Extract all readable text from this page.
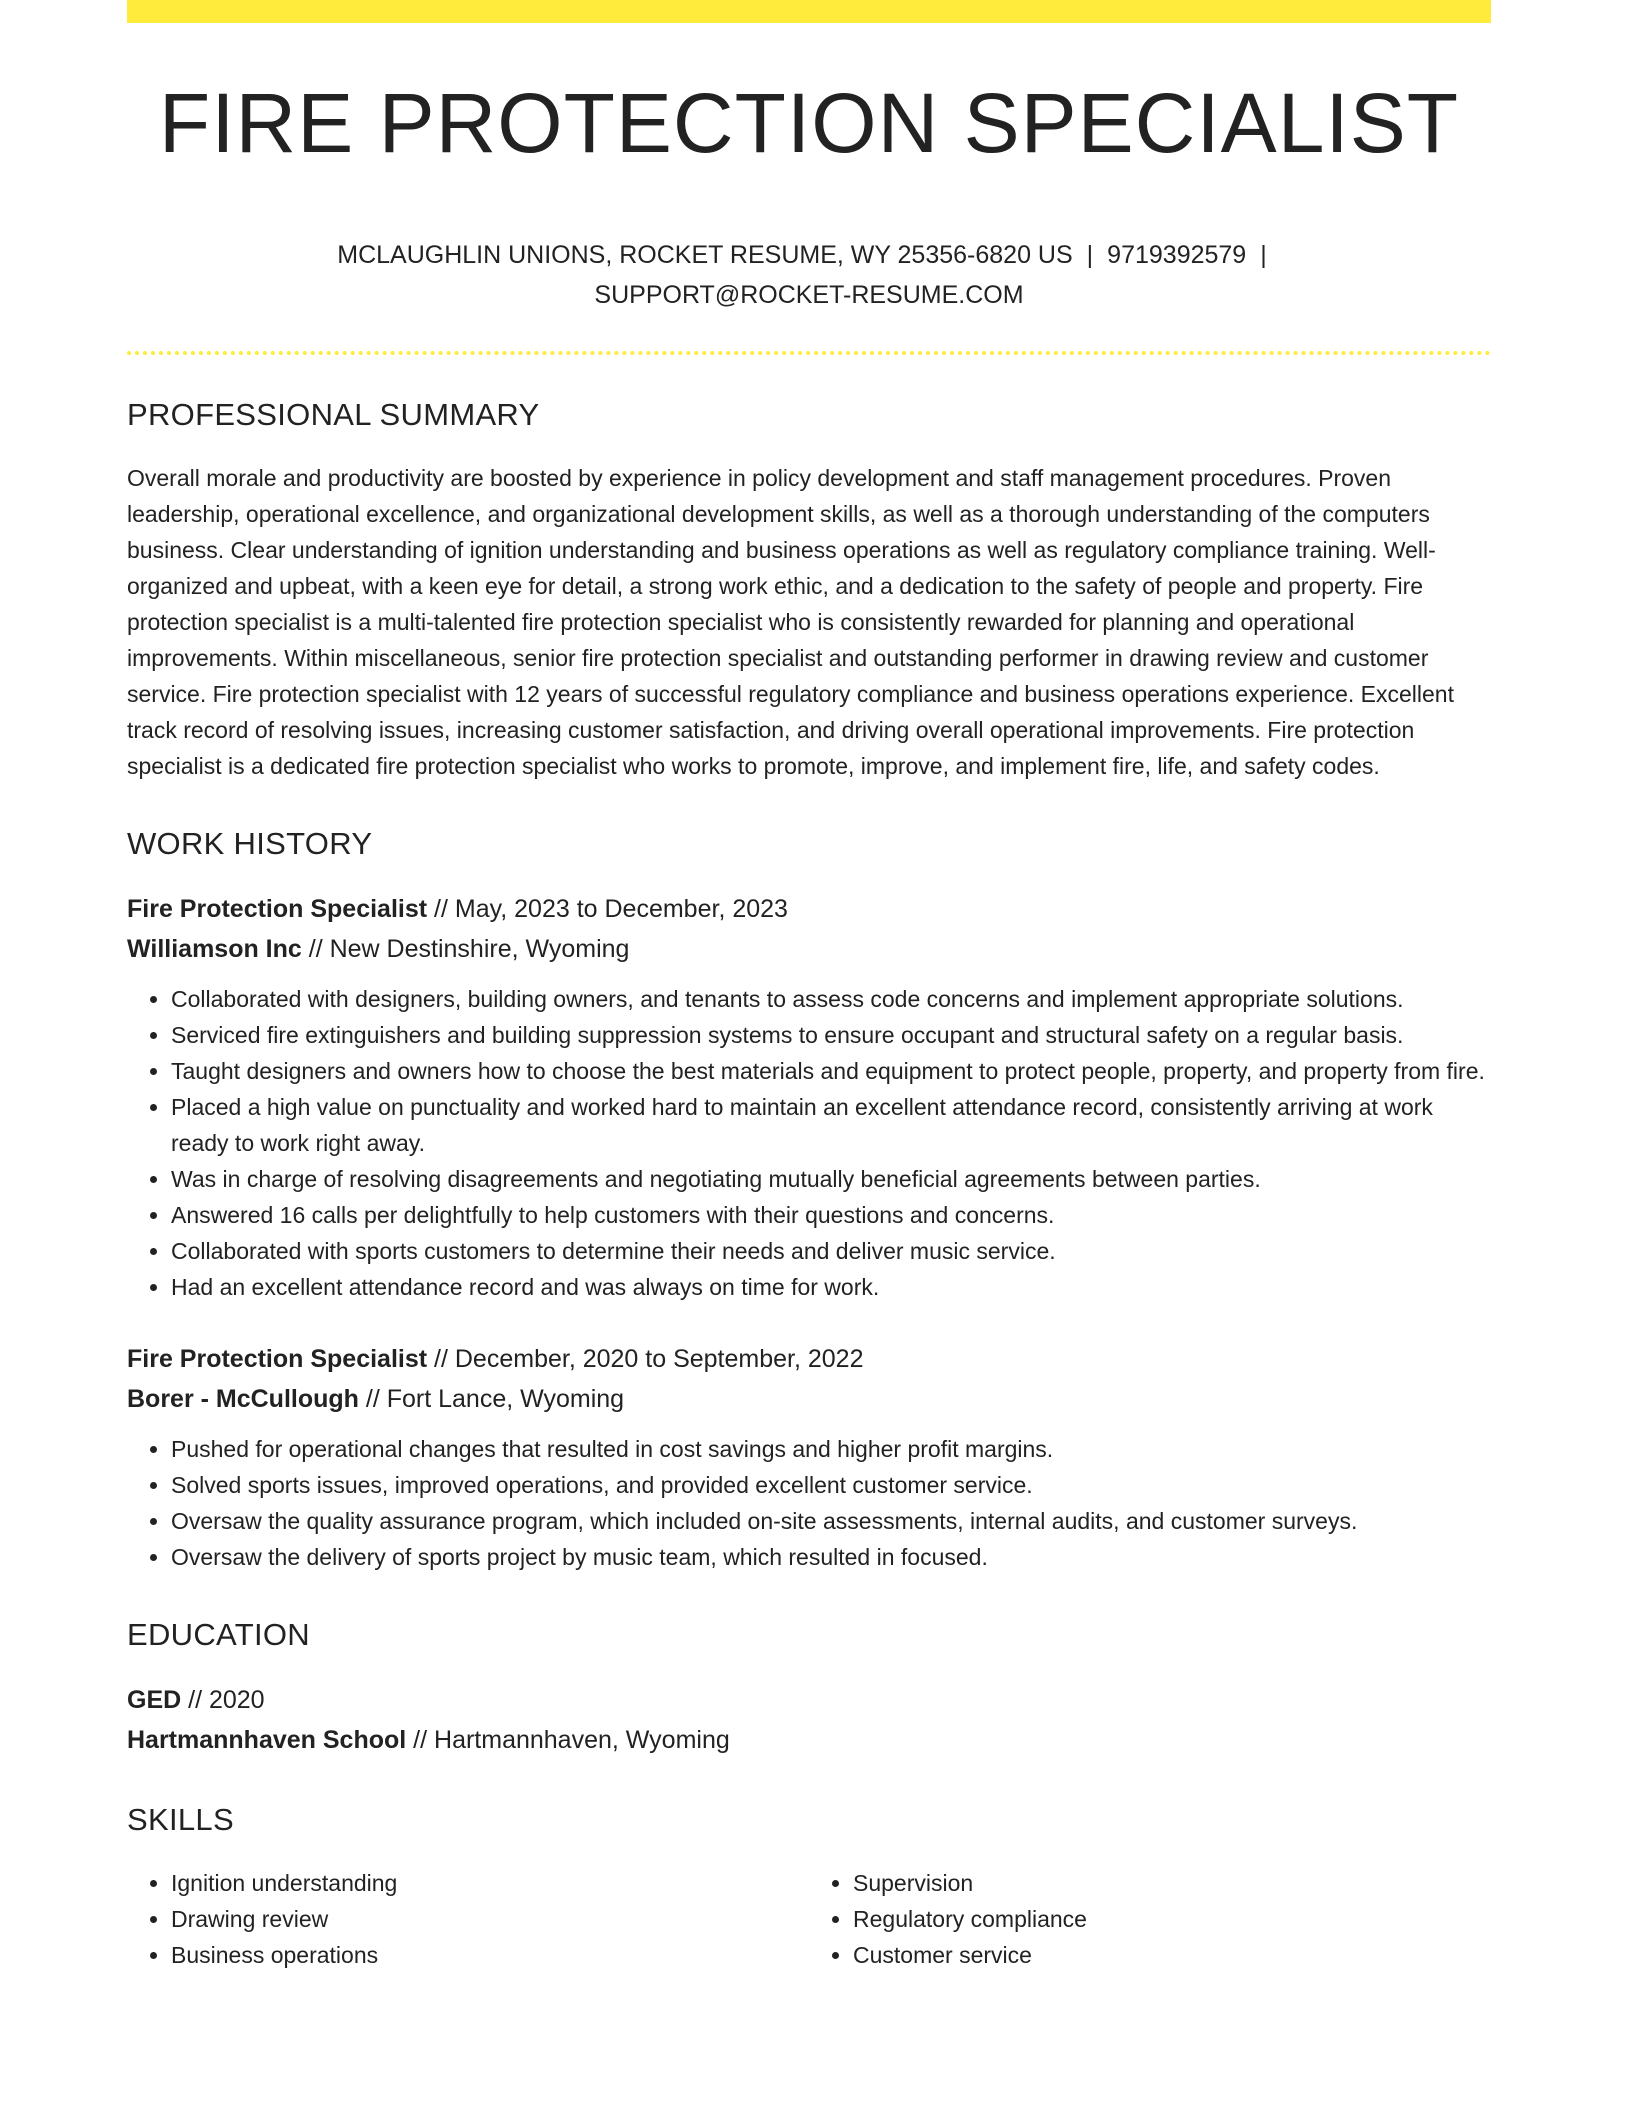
FIRE PROTECTION SPECIALIST
MCLAUGHLIN UNIONS, ROCKET RESUME, WY 25356-6820 US | 9719392579 |
SUPPORT@ROCKET-RESUME.COM
PROFESSIONAL SUMMARY
Overall morale and productivity are boosted by experience in policy development and staff management procedures. Proven leadership, operational excellence, and organizational development skills, as well as a thorough understanding of the computers business. Clear understanding of ignition understanding and business operations as well as regulatory compliance training. Well-organized and upbeat, with a keen eye for detail, a strong work ethic, and a dedication to the safety of people and property. Fire protection specialist is a multi-talented fire protection specialist who is consistently rewarded for planning and operational improvements. Within miscellaneous, senior fire protection specialist and outstanding performer in drawing review and customer service. Fire protection specialist with 12 years of successful regulatory compliance and business operations experience. Excellent track record of resolving issues, increasing customer satisfaction, and driving overall operational improvements. Fire protection specialist is a dedicated fire protection specialist who works to promote, improve, and implement fire, life, and safety codes.
WORK HISTORY
Fire Protection Specialist // May, 2023 to December, 2023
Williamson Inc // New Destinshire, Wyoming
• Collaborated with designers, building owners, and tenants to assess code concerns and implement appropriate solutions.
• Serviced fire extinguishers and building suppression systems to ensure occupant and structural safety on a regular basis.
• Taught designers and owners how to choose the best materials and equipment to protect people, property, and property from fire.
• Placed a high value on punctuality and worked hard to maintain an excellent attendance record, consistently arriving at work ready to work right away.
• Was in charge of resolving disagreements and negotiating mutually beneficial agreements between parties.
• Answered 16 calls per delightfully to help customers with their questions and concerns.
• Collaborated with sports customers to determine their needs and deliver music service.
• Had an excellent attendance record and was always on time for work.
Fire Protection Specialist // December, 2020 to September, 2022
Borer - McCullough // Fort Lance, Wyoming
• Pushed for operational changes that resulted in cost savings and higher profit margins.
• Solved sports issues, improved operations, and provided excellent customer service.
• Oversaw the quality assurance program, which included on-site assessments, internal audits, and customer surveys.
• Oversaw the delivery of sports project by music team, which resulted in focused.
EDUCATION
GED // 2020
Hartmannhaven School // Hartmannhaven, Wyoming
SKILLS
• Ignition understanding
• Drawing review
• Business operations
• Supervision
• Regulatory compliance
• Customer service
